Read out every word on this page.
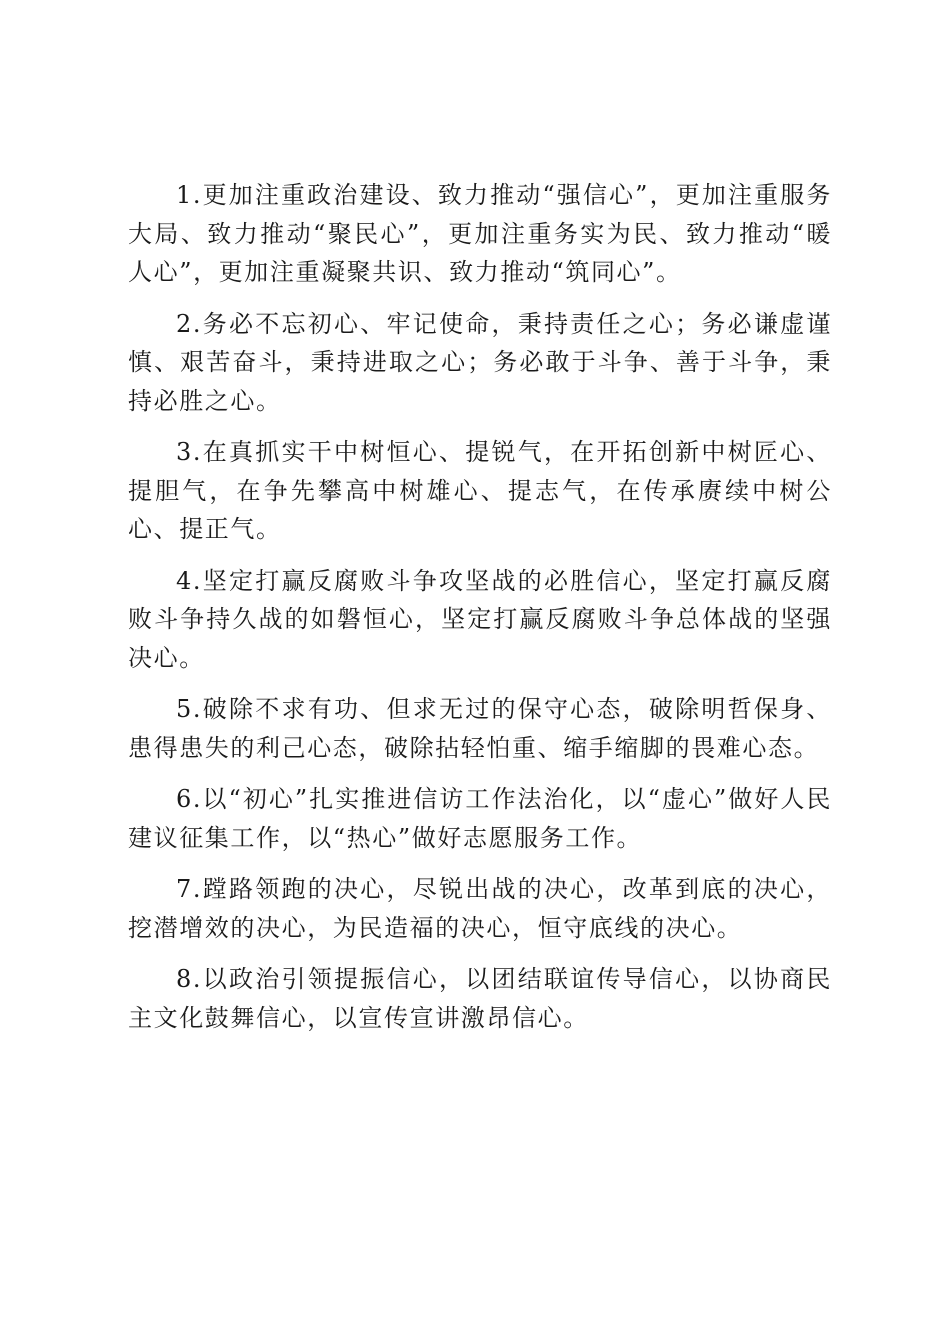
1.更加注重政治建设、致力推动“强信心”，更加注重服务大局、致力推动“聚民心”，更加注重务实为民、致力推动“暖人心”，更加注重凝聚共识、致力推动“筑同心”。

2.务必不忘初心、牢记使命，秉持责任之心；务必谦虚谨慎、艰苦奋斗，秉持进取之心；务必敢于斗争、善于斗争，秉持必胜之心。

3.在真抓实干中树恒心、提锐气，在开拓创新中树匠心、提胆气，在争先攀高中树雄心、提志气，在传承赓续中树公心、提正气。

4.坚定打赢反腐败斗争攻坚战的必胜信心，坚定打赢反腐败斗争持久战的如磐恒心，坚定打赢反腐败斗争总体战的坚强决心。

5.破除不求有功、但求无过的保守心态，破除明哲保身、患得患失的利己心态，破除拈轻怕重、缩手缩脚的畏难心态。

6.以“初心”扎实推进信访工作法治化，以“虚心”做好人民建议征集工作，以“热心”做好志愿服务工作。

7.蹚路领跑的决心，尽锐出战的决心，改革到底的决心，挖潜增效的决心，为民造福的决心，恒守底线的决心。

8.以政治引领提振信心，以团结联谊传导信心，以协商民主文化鼓舞信心，以宣传宣讲激昂信心。
